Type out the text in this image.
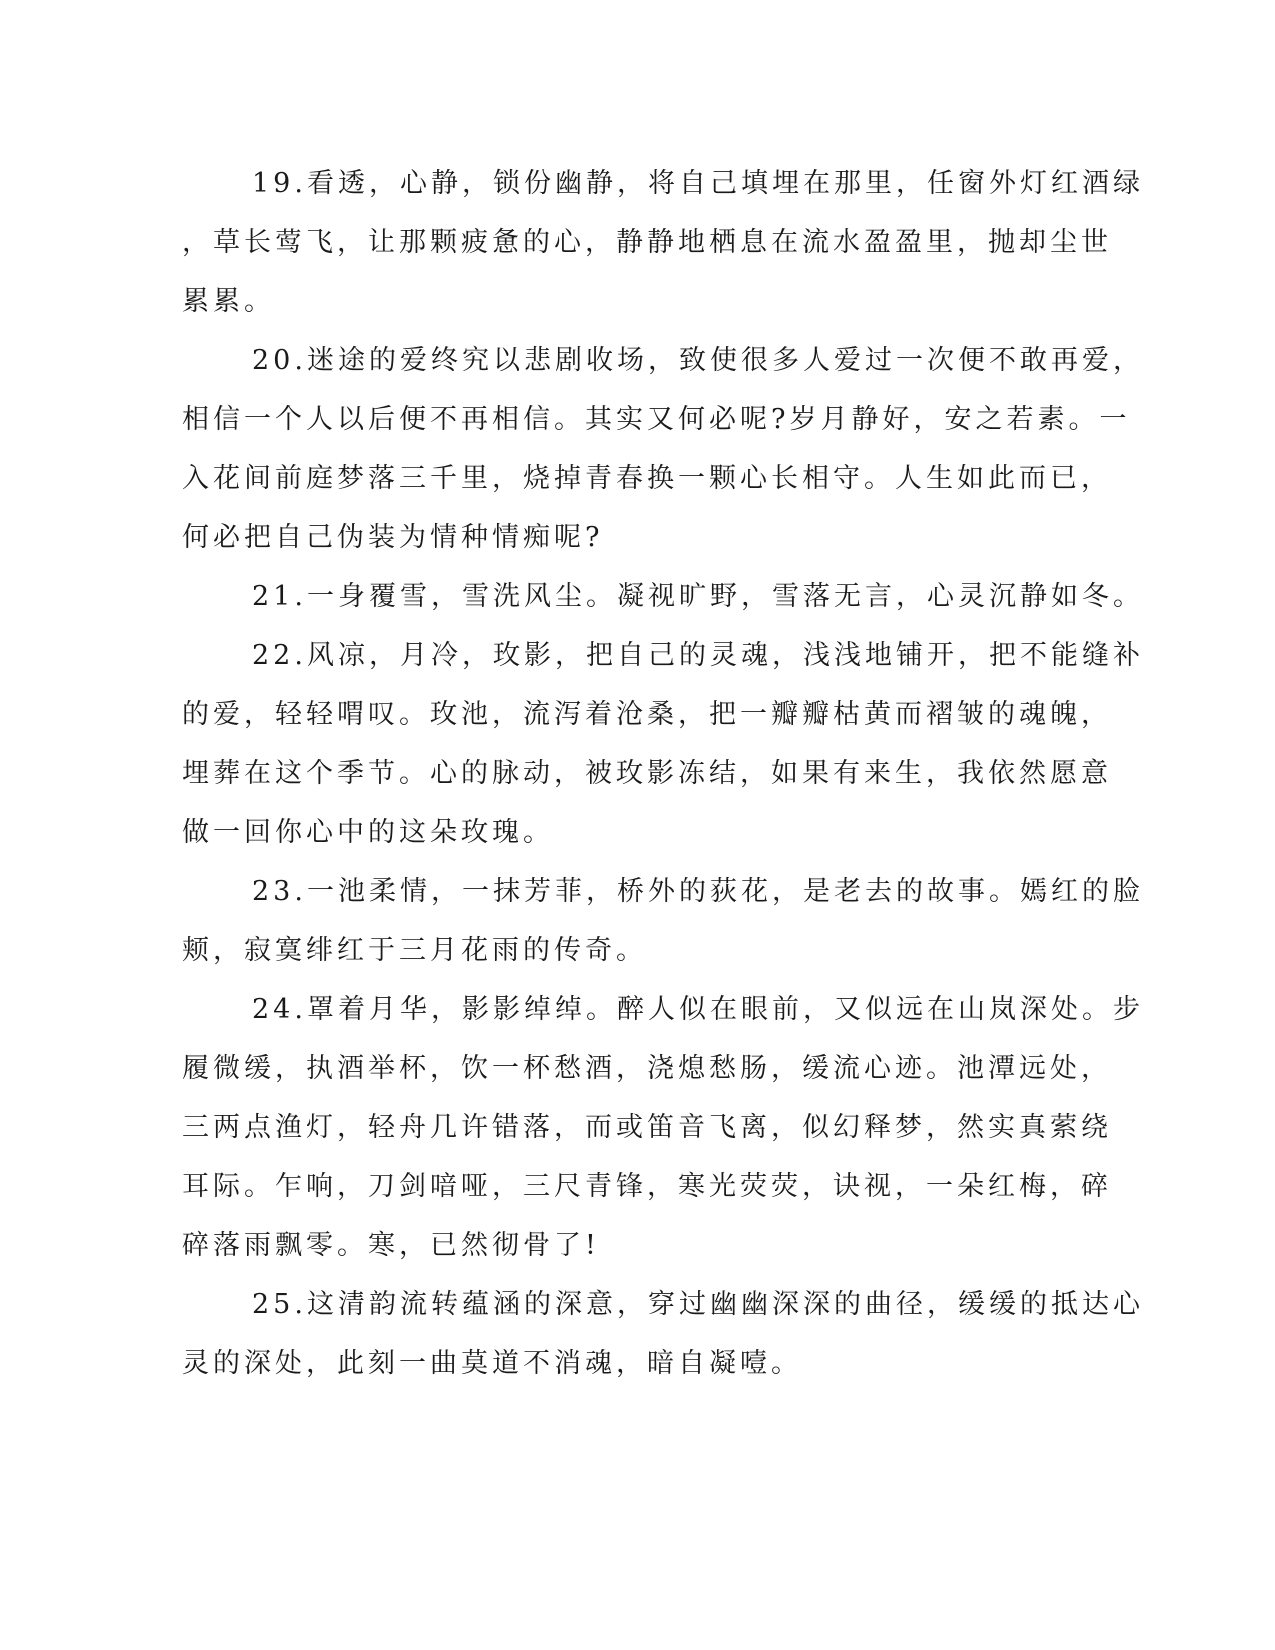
19.看透，心静，锁份幽静，将自己填埋在那里，任窗外灯红酒绿
，草长莺飞，让那颗疲惫的心，静静地栖息在流水盈盈里，抛却尘世
累累。
20.迷途的爱终究以悲剧收场，致使很多人爱过一次便不敢再爱，
相信一个人以后便不再相信。其实又何必呢?岁月静好，安之若素。一
入花间前庭梦落三千里，烧掉青春换一颗心长相守。人生如此而已，
何必把自己伪装为情种情痴呢?
21.一身覆雪，雪洗风尘。凝视旷野，雪落无言，心灵沉静如冬。
22.风凉，月冷，玫影，把自己的灵魂，浅浅地铺开，把不能缝补
的爱，轻轻喟叹。玫池，流泻着沧桑，把一瓣瓣枯黄而褶皱的魂魄，
埋葬在这个季节。心的脉动，被玫影冻结，如果有来生，我依然愿意
做一回你心中的这朵玫瑰。
23.一池柔情，一抹芳菲，桥外的荻花，是老去的故事。嫣红的脸
颊，寂寞绯红于三月花雨的传奇。
24.罩着月华，影影绰绰。醉人似在眼前，又似远在山岚深处。步
履微缓，执酒举杯，饮一杯愁酒，浇熄愁肠，缓流心迹。池潭远处，
三两点渔灯，轻舟几许错落，而或笛音飞离，似幻释梦，然实真萦绕
耳际。乍响，刀剑喑哑，三尺青锋，寒光荧荧，诀视，一朵红梅，碎
碎落雨飘零。寒，已然彻骨了!
25.这清韵流转蕴涵的深意，穿过幽幽深深的曲径，缓缓的抵达心
灵的深处，此刻一曲莫道不消魂，暗自凝噎。
